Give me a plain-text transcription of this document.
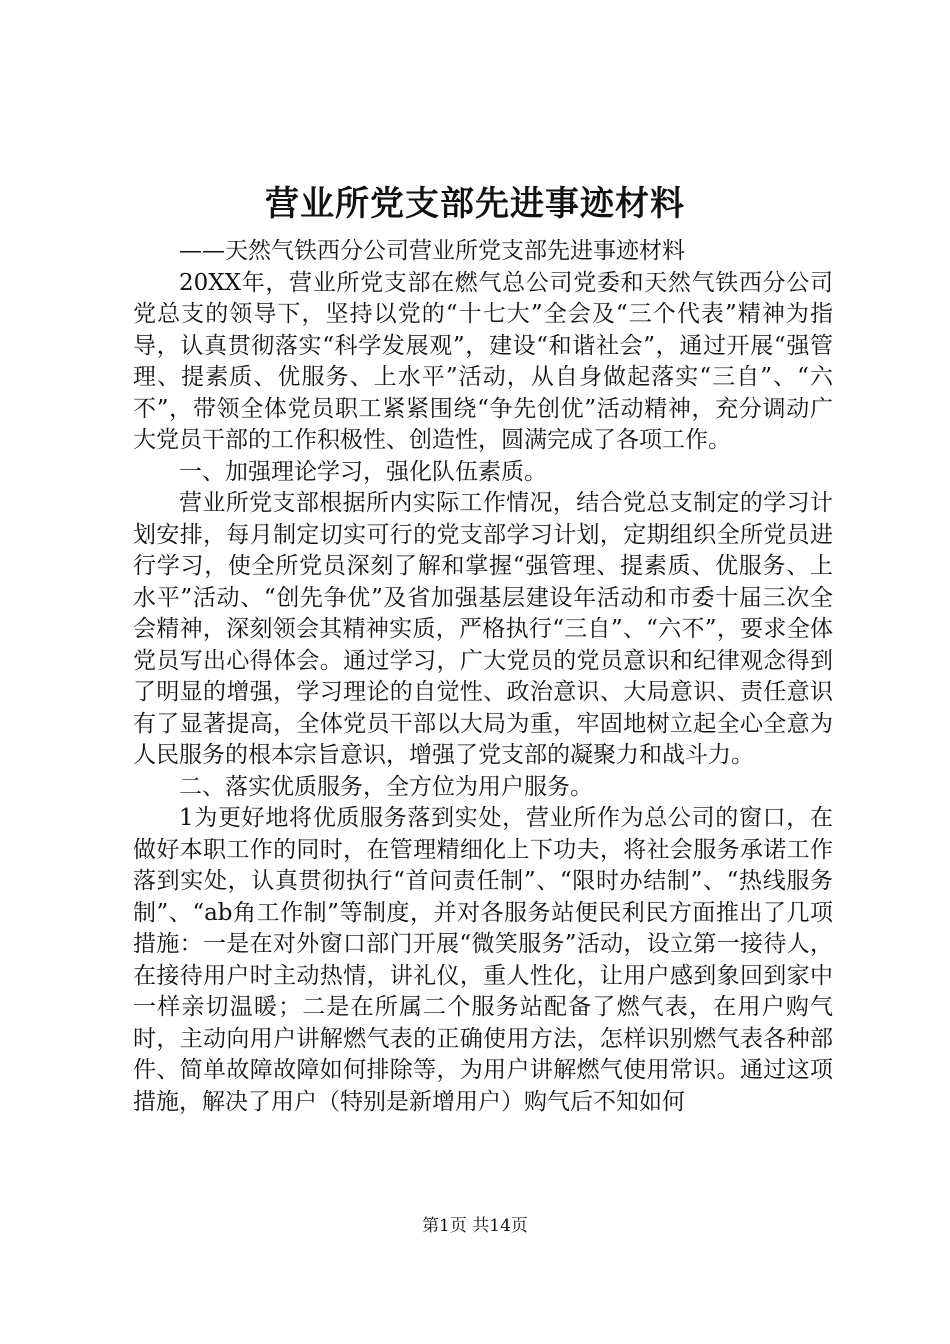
营业所党支部先进事迹材料

——天然气铁西分公司营业所党支部先进事迹材料

20XX年，营业所党支部在燃气总公司党委和天然气铁西分公司党总支的领导下，坚持以党的“十七大”全会及“三个代表”精神为指导，认真贯彻落实“科学发展观”，建设“和谐社会”，通过开展“强管理、提素质、优服务、上水平”活动，从自身做起落实“三自”、“六不”，带领全体党员职工紧紧围绕“争先创优”活动精神，充分调动广大党员干部的工作积极性、创造性，圆满完成了各项工作。

一、加强理论学习，强化队伍素质。

营业所党支部根据所内实际工作情况，结合党总支制定的学习计划安排，每月制定切实可行的党支部学习计划，定期组织全所党员进行学习，使全所党员深刻了解和掌握“强管理、提素质、优服务、上水平”活动、“创先争优”及省加强基层建设年活动和市委十届三次全会精神，深刻领会其精神实质，严格执行“三自”、“六不”，要求全体党员写出心得体会。通过学习，广大党员的党员意识和纪律观念得到了明显的增强，学习理论的自觉性、政治意识、大局意识、责任意识有了显著提高，全体党员干部以大局为重，牢固地树立起全心全意为人民服务的根本宗旨意识，增强了党支部的凝聚力和战斗力。

二、落实优质服务，全方位为用户服务。

1为更好地将优质服务落到实处，营业所作为总公司的窗口，在做好本职工作的同时，在管理精细化上下功夫，将社会服务承诺工作落到实处，认真贯彻执行“首问责任制”、“限时办结制”、“热线服务制”、“ab角工作制”等制度，并对各服务站便民利民方面推出了几项措施：一是在对外窗口部门开展“微笑服务”活动，设立第一接待人，在接待用户时主动热情，讲礼仪，重人性化，让用户感到象回到家中一样亲切温暖；二是在所属二个服务站配备了燃气表，在用户购气时，主动向用户讲解燃气表的正确使用方法，怎样识别燃气表各种部件、简单故障故障如何排除等，为用户讲解燃气使用常识。通过这项措施，解决了用户（特别是新增用户）购气后不知如何

第1页 共14页
